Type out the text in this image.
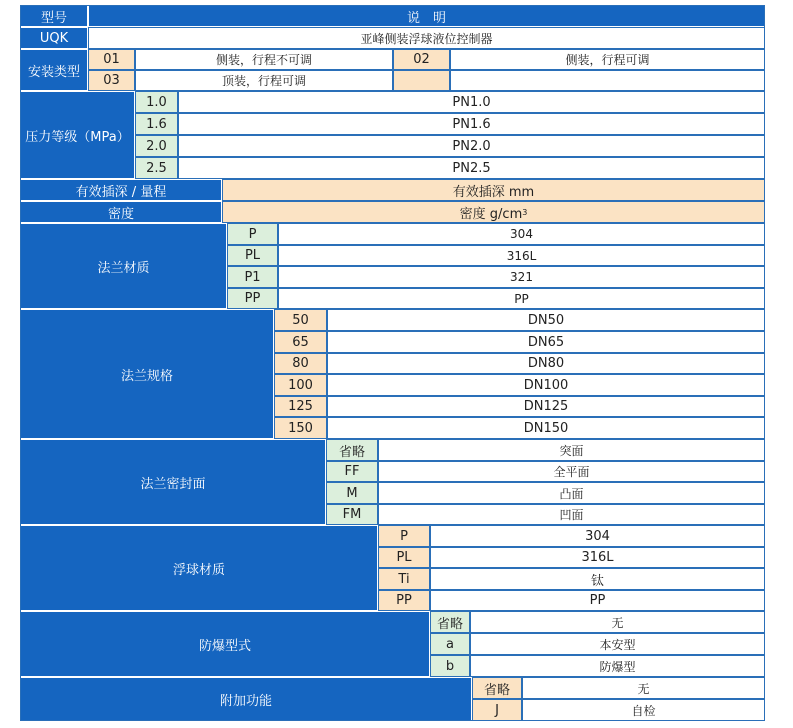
型号	说　明
UQK	亚峰侧装浮球液位控制器
安装类型
01	侧装，行程不可调	02	侧装，行程可调
03	顶装，行程可调
压力等级（MPa）
1.0	PN1.0
1.6	PN1.6
2.0	PN2.0
2.5	PN2.5
有效插深 / 量程	有效插深 mm
密度	密度 g/cm 3
法兰材质
P	304
PL	316L
P1	321
PP	PP
法兰规格
50	DN50
65	DN65
80	DN80
100	DN100
125	DN125
150	DN150
法兰密封面
省略	突面
FF	全平面
M	凸面
FM	凹面
浮球材质
P	304
PL	316L
Ti	钛
PP	PP
防爆型式
省略	无
a	本安型
b	防爆型
附加功能
省略	无
J	自检
